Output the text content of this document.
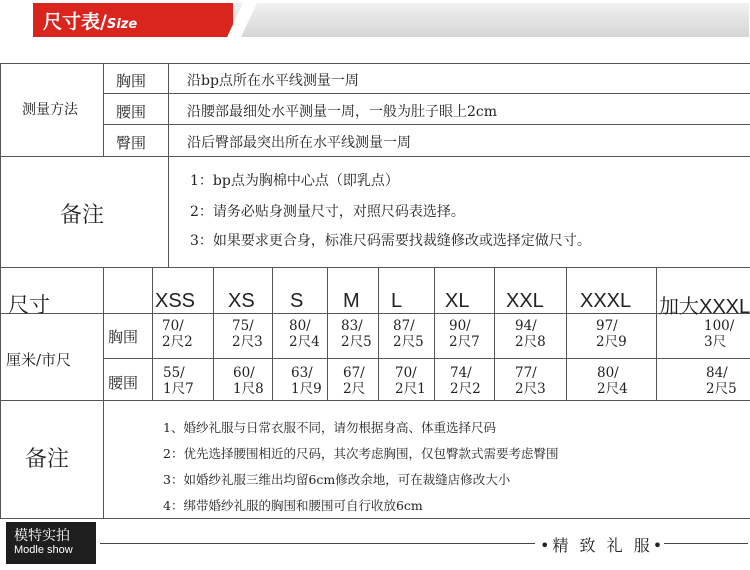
尺寸表/Size
测量方法
胸围
腰围
臀围
沿bp点所在水平线测量一周
沿腰部最细处水平测量一周，一般为肚子眼上2cm
沿后臀部最突出所在水平线测量一周
备注
1：bp点为胸棉中心点（即乳点）
2：请务必贴身测量尺寸，对照尺码表选择。
3：如果要求更合身，标准尺码需要找裁缝修改或选择定做尺寸。
尺寸
厘米/市尺
胸围
腰围
XSS XS S M L XL XXL XXXL 加大XXXL
70/
2尺2
75/
2尺3
80/
2尺4
83/
2尺5
87/
2尺5
90/
2尺7
94/
2尺8
97/
2尺9
100/
3尺
55/
1尺7
60/
1尺8
63/
1尺9
67/
2尺
70/
2尺1
74/
2尺2
77/
2尺3
80/
2尺4
84/
2尺5
备注
1、婚纱礼服与日常衣服不同，请勿根据身高、体重选择尺码
2：优先选择腰围相近的尺码，其次考虑胸围，仅包臀款式需要考虑臀围
3：如婚纱礼服三维出均留6cm修改余地，可在裁缝店修改大小
4：绑带婚纱礼服的胸围和腰围可自行收放6cm
模特实拍
Modle show	•精 致 礼 服•
